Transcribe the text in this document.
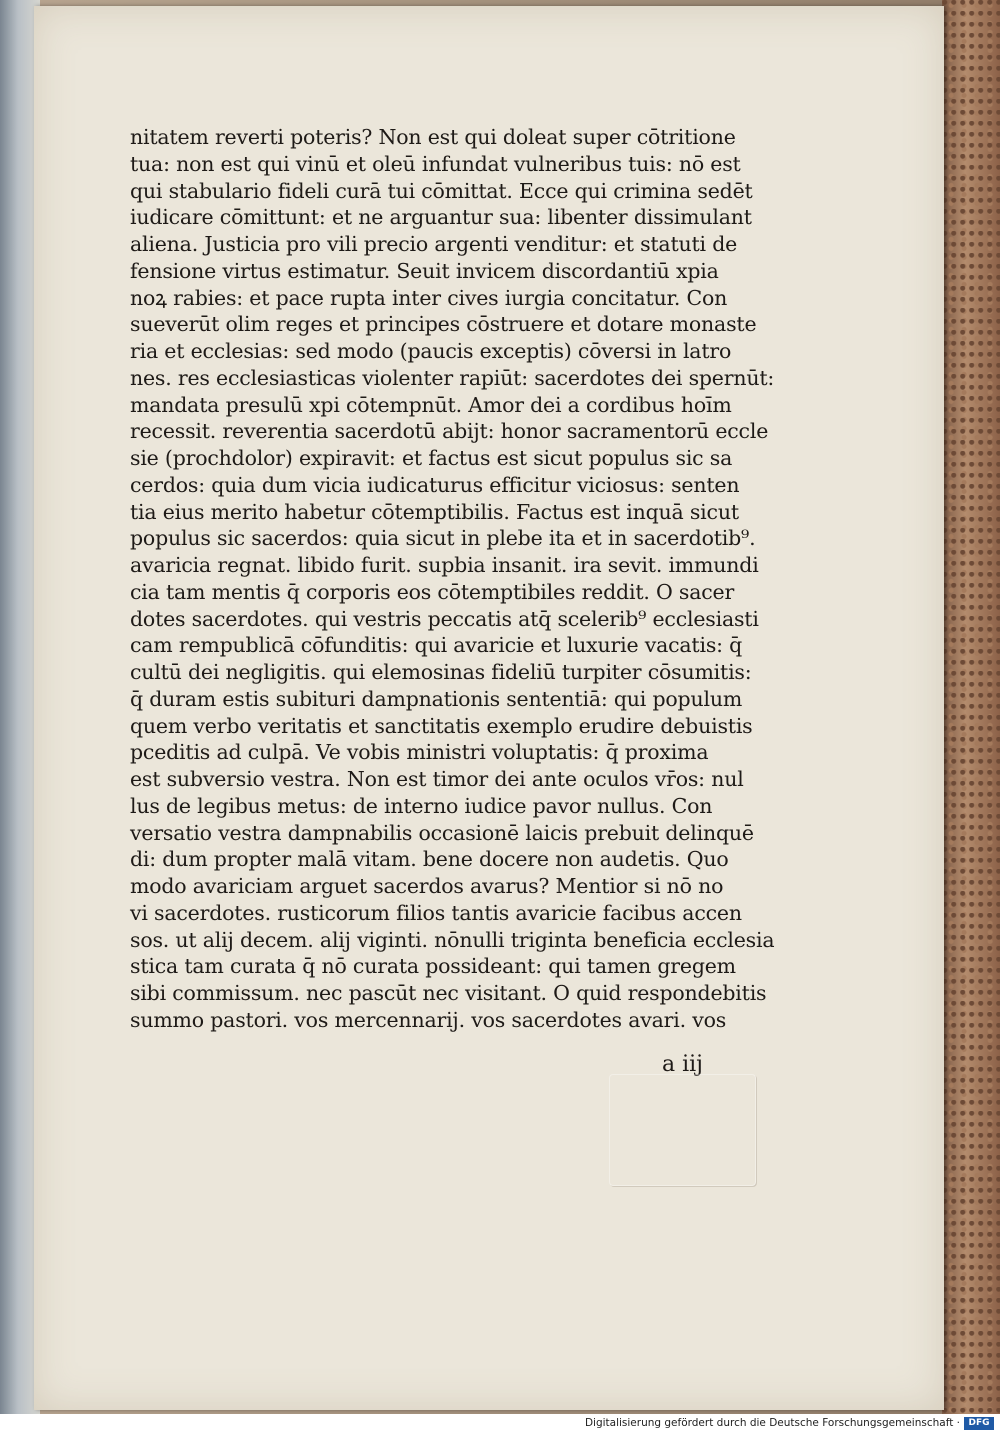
nitatem reverti poteris? Non est qui doleat super cōtritione
tua: non est qui vinū et oleū infundat vulneribus tuis: nō est
qui stabulario fideli curā tui cōmittat. Ecce qui crimina sedēt
iudicare cōmittunt: et ne arguantur sua: libenter dissimulant
aliena. Justicia pro vili precio argenti venditur: et statuti de
fensione virtus estimatur. Seuit invicem discordantiū xpia
noꝝ rabies: et pace rupta inter cives iurgia concitatur. Con
sueverūt olim reges et principes cōstruere et dotare monaste
ria et ecclesias: sed modo (paucis exceptis) cōversi in latro
nes. res ecclesiasticas violenter rapiūt: sacerdotes dei spernūt:
mandata presulū xpi cōtempnūt. Amor dei a cordibus hoīm
recessit. reverentia sacerdotū abijt: honor sacramentorū eccle
sie (prochdolor) expiravit: et factus est sicut populus sic sa
cerdos: quia dum vicia iudicaturus efficitur viciosus: senten
tia eius merito habetur cōtemptibilis. Factus est inquā sicut
populus sic sacerdos: quia sicut in plebe ita et in sacerdotib⁹.
avaricia regnat. libido furit. supbia insanit. ira sevit. immundi
cia tam mentis q̄ corporis eos cōtemptibiles reddit. O sacer
dotes sacerdotes. qui vestris peccatis atq̄ scelerib⁹ ecclesiasti
cam rempublicā cōfunditis: qui avaricie et luxurie vacatis: q̄
cultū dei negligitis. qui elemosinas fideliū turpiter cōsumitis:
q̄ duram estis subituri dampnationis sententiā: qui populum
quem verbo veritatis et sanctitatis exemplo erudire debuistis
pceditis ad culpā. Ve vobis ministri voluptatis: q̄ proxima
est subversio vestra. Non est timor dei ante oculos vr̄os: nul
lus de legibus metus: de interno iudice pavor nullus. Con
versatio vestra dampnabilis occasionē laicis prebuit delinquē
di: dum propter malā vitam. bene docere non audetis. Quo
modo avariciam arguet sacerdos avarus? Mentior si nō no
vi sacerdotes. rusticorum filios tantis avaricie facibus accen
sos. ut alij decem. alij viginti. nōnulli triginta beneficia ecclesia
stica tam curata q̄ nō curata possideant: qui tamen gregem
sibi commissum. nec pascūt nec visitant. O quid respondebitis
summo pastori. vos mercennarij. vos sacerdotes avari. vos
a iij
Digitalisierung gefördert durch die Deutsche Forschungsgemeinschaft · DFG
